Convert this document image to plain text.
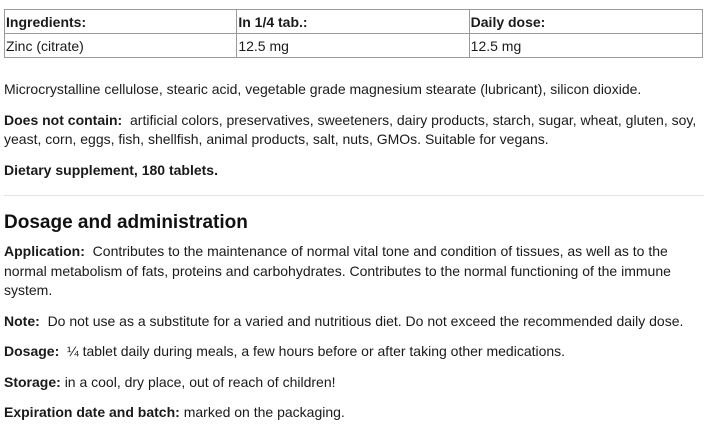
Ingredients:	In 1/4 tab.:	Daily dose:
Zinc (citrate)	12.5 mg	12.5 mg

Microcrystalline cellulose, stearic acid, vegetable grade magnesium stearate (lubricant), silicon dioxide.

Does not contain: artificial colors, preservatives, sweeteners, dairy products, starch, sugar, wheat, gluten, soy, yeast, corn, eggs, fish, shellfish, animal products, salt, nuts, GMOs. Suitable for vegans.

Dietary supplement, 180 tablets.

Dosage and administration

Application: Contributes to the maintenance of normal vital tone and condition of tissues, as well as to the normal metabolism of fats, proteins and carbohydrates. Contributes to the normal functioning of the immune system.

Note: Do not use as a substitute for a varied and nutritious diet. Do not exceed the recommended daily dose.

Dosage: ¼ tablet daily during meals, a few hours before or after taking other medications.

Storage: in a cool, dry place, out of reach of children!

Expiration date and batch: marked on the packaging.
